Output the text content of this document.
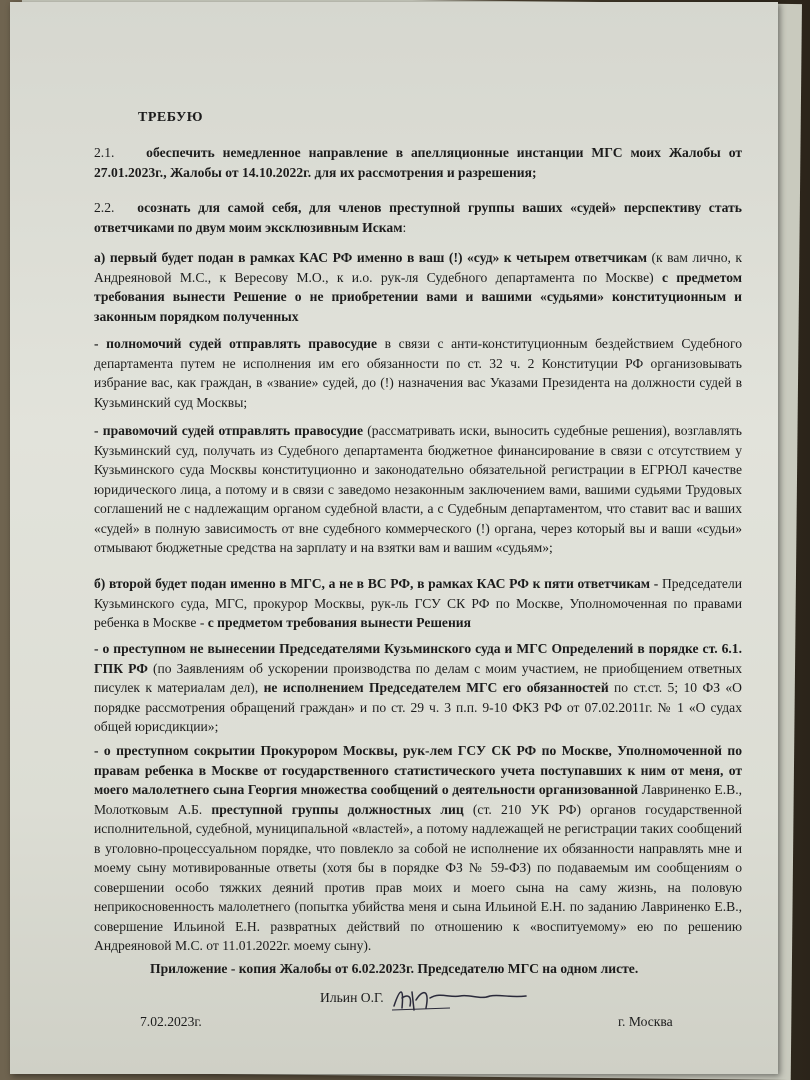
ТРЕБУЮ

2.1. обеспечить немедленное направление в апелляционные инстанции МГС моих Жалобы от 27.01.2023г., Жалобы от 14.10.2022г. для их рассмотрения и разрешения;

2.2. осознать для самой себя, для членов преступной группы ваших «судей» перспективу стать ответчиками по двум моим эксклюзивным Искам:

а) первый будет подан в рамках КАС РФ именно в ваш (!) «суд» к четырем ответчикам (к вам лично, к Андреяновой М.С., к Вересову М.О., к и.о. рук-ля Судебного департамента по Москве) с предметом требования вынести Решение о не приобретении вами и вашими «судьями» конституционным и законным порядком полученных

- полномочий судей отправлять правосудие в связи с анти-конституционным бездействием Судебного департамента путем не исполнения им его обязанности по ст. 32 ч. 2 Конституции РФ организовывать избрание вас, как граждан, в «звание» судей, до (!) назначения вас Указами Президента на должности судей в Кузьминский суд Москвы;

- правомочий судей отправлять правосудие (рассматривать иски, выносить судебные решения), возглавлять Кузьминский суд, получать из Судебного департамента бюджетное финансирование в связи с отсутствием у Кузьминского суда Москвы конституционно и законодательно обязательной регистрации в ЕГРЮЛ качестве юридического лица, а потому и в связи с заведомо незаконным заключением вами, вашими судьями Трудовых соглашений не с надлежащим органом судебной власти, а с Судебным департаментом, что ставит вас и ваших «судей» в полную зависимость от вне судебного коммерческого (!) органа, через который вы и ваши «судьи» отмывают бюджетные средства на зарплату и на взятки вам и вашим «судьям»;

б) второй будет подан именно в МГС, а не в ВС РФ, в рамках КАС РФ к пяти ответчикам - Председатели Кузьминского суда, МГС, прокурор Москвы, рук-ль ГСУ СК РФ по Москве, Уполномоченная по правами ребенка в Москве - с предметом требования вынести Решения

- о преступном не вынесении Председателями Кузьминского суда и МГС Определений в порядке ст. 6.1. ГПК РФ (по Заявлениям об ускорении производства по делам с моим участием, не приобщением ответных писулек к материалам дел), не исполнением Председателем МГС его обязанностей по ст.ст. 5; 10 ФЗ «О порядке рассмотрения обращений граждан» и по ст. 29 ч. 3 п.п. 9-10 ФКЗ РФ от 07.02.2011г. № 1 «О судах общей юрисдикции»;

- о преступном сокрытии Прокурором Москвы, рук-лем ГСУ СК РФ по Москве, Уполномоченной по правам ребенка в Москве от государственного статистического учета поступавших к ним от меня, от моего малолетнего сына Георгия множества сообщений о деятельности организованной Лавриненко Е.В., Молотковым А.Б. преступной группы должностных лиц (ст. 210 УК РФ) органов государственной исполнительной, судебной, муниципальной «властей», а потому надлежащей не регистрации таких сообщений в уголовно-процессуальном порядке, что повлекло за собой не исполнение их обязанности направлять мне и моему сыну мотивированные ответы (хотя бы в порядке ФЗ № 59-ФЗ) по подаваемым им сообщениям о совершении особо тяжких деяний против прав моих и моего сына на саму жизнь, на половую неприкосновенность малолетнего (попытка убийства меня и сына Ильиной Е.Н. по заданию Лавриненко Е.В., совершение Ильиной Е.Н. развратных действий по отношению к «воспитуемому» ею по решению Андреяновой М.С. от 11.01.2022г. моему сыну).

Приложение - копия Жалобы от 6.02.2023г. Председателю МГС на одном листе.
Ильин О.Г.
7.02.2023г.	г. Москва
